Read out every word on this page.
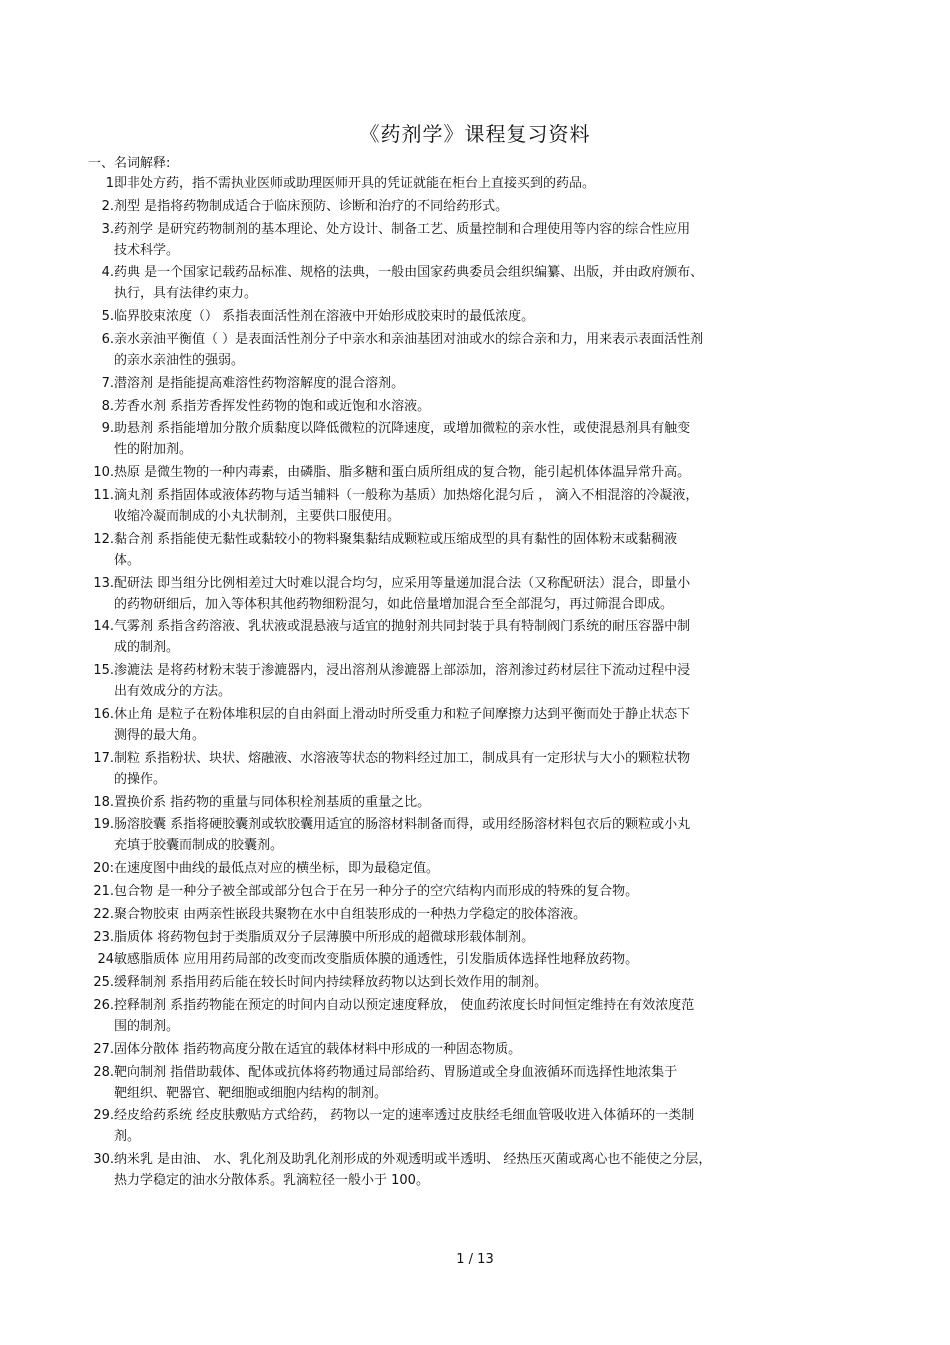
《药剂学》课程复习资料
一、名词解释:
1 即非处方药，指不需执业医师或助理医师开具的凭证就能在柜台上直接买到的药品。
2. 剂型 是指将药物制成适合于临床预防、诊断和治疗的不同给药形式。
3. 药剂学 是研究药物制剂的基本理论、处方设计、制备工艺、质量控制和合理使用等内容的综合性应用
技术科学。
4. 药典 是一个国家记载药品标准、规格的法典，一般由国家药典委员会组织编纂、出版，并由政府颁布、
执行，具有法律约束力。
5. 临界胶束浓度（） 系指表面活性剂在溶液中开始形成胶束时的最低浓度。
6. 亲水亲油平衡值（ ）是表面活性剂分子中亲水和亲油基团对油或水的综合亲和力，用来表示表面活性剂
的亲水亲油性的强弱。
7. 潜溶剂 是指能提高难溶性药物溶解度的混合溶剂。
8. 芳香水剂 系指芳香挥发性药物的饱和或近饱和水溶液。
9. 助悬剂 系指能增加分散介质黏度以降低微粒的沉降速度，或增加微粒的亲水性，或使混悬剂具有触变
性的附加剂。
10. 热原 是微生物的一种内毒素，由磷脂、脂多糖和蛋白质所组成的复合物，能引起机体体温异常升高。
11. 滴丸剂 系指固体或液体药物与适当辅料（一般称为基质）加热熔化混匀后 ， 滴入不相混溶的冷凝液，
收缩冷凝而制成的小丸状制剂，主要供口服使用。
12. 黏合剂 系指能使无黏性或黏较小的物料聚集黏结成颗粒或压缩成型的具有黏性的固体粉末或黏稠液
体。
13. 配研法 即当组分比例相差过大时难以混合均匀，应采用等量递加混合法（又称配研法）混合，即量小
的药物研细后，加入等体积其他药物细粉混匀，如此倍量增加混合至全部混匀，再过筛混合即成。
14. 气雾剂 系指含药溶液、乳状液或混悬液与适宜的抛射剂共同封装于具有特制阀门系统的耐压容器中制
成的制剂。
15. 渗漉法 是将药材粉末装于渗漉器内，浸出溶剂从渗漉器上部添加，溶剂渗过药材层往下流动过程中浸
出有效成分的方法。
16. 休止角 是粒子在粉体堆积层的自由斜面上滑动时所受重力和粒子间摩擦力达到平衡而处于静止状态下
测得的最大角。
17. 制粒 系指粉状、块状、熔融液、水溶液等状态的物料经过加工，制成具有一定形状与大小的颗粒状物
的操作。
18. 置换价系 指药物的重量与同体积栓剂基质的重量之比。
19. 肠溶胶囊 系指将硬胶囊剂或软胶囊用适宜的肠溶材料制备而得，或用经肠溶材料包衣后的颗粒或小丸
充填于胶囊而制成的胶囊剂。
20: 在速度图中曲线的最低点对应的横坐标，即为最稳定值。
21. 包合物 是一种分子被全部或部分包合于在另一种分子的空穴结构内而形成的特殊的复合物。
22. 聚合物胶束 由两亲性嵌段共聚物在水中自组装形成的一种热力学稳定的胶体溶液。
23. 脂质体 将药物包封于类脂质双分子层薄膜中所形成的超微球形载体制剂。
24 敏感脂质体 应用用药局部的改变而改变脂质体膜的通透性，引发脂质体选择性地释放药物。
25. 缓释制剂 系指用药后能在较长时间内持续释放药物以达到长效作用的制剂。
26. 控释制剂 系指药物能在预定的时间内自动以预定速度释放， 使血药浓度长时间恒定维持在有效浓度范
围的制剂。
27. 固体分散体 指药物高度分散在适宜的载体材料中形成的一种固态物质。
28. 靶向制剂 指借助载体、配体或抗体将药物通过局部给药、胃肠道或全身血液循环而选择性地浓集于
靶组织、靶器官、靶细胞或细胞内结构的制剂。
29. 经皮给药系统 经皮肤敷贴方式给药， 药物以一定的速率透过皮肤经毛细血管吸收进入体循环的一类制
剂。
30. 纳米乳 是由油、 水、乳化剂及助乳化剂形成的外观透明或半透明、 经热压灭菌或离心也不能使之分层，
热力学稳定的油水分散体系。乳滴粒径一般小于 100。
1 / 13
